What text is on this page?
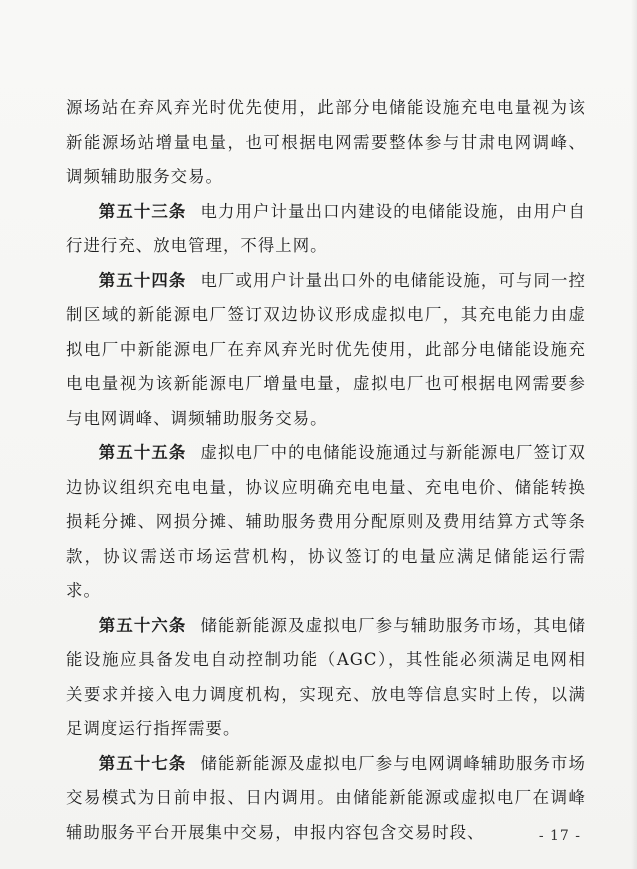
源场站在弃风弃光时优先使用，此部分电储能设施充电电量视为该新能源场站增量电量，也可根据电网需要整体参与甘肃电网调峰、调频辅助服务交易。

第五十三条 电力用户计量出口内建设的电储能设施，由用户自行进行充、放电管理，不得上网。

第五十四条 电厂或用户计量出口外的电储能设施，可与同一控制区域的新能源电厂签订双边协议形成虚拟电厂，其充电能力由虚拟电厂中新能源电厂在弃风弃光时优先使用，此部分电储能设施充电电量视为该新能源电厂增量电量，虚拟电厂也可根据电网需要参与电网调峰、调频辅助服务交易。

第五十五条 虚拟电厂中的电储能设施通过与新能源电厂签订双边协议组织充电电量，协议应明确充电电量、充电电价、储能转换损耗分摊、网损分摊、辅助服务费用分配原则及费用结算方式等条款，协议需送市场运营机构，协议签订的电量应满足储能运行需求。

第五十六条 储能新能源及虚拟电厂参与辅助服务市场，其电储能设施应具备发电自动控制功能（AGC），其性能必须满足电网相关要求并接入电力调度机构，实现充、放电等信息实时上传，以满足调度运行指挥需要。

第五十七条 储能新能源及虚拟电厂参与电网调峰辅助服务市场交易模式为日前申报、日内调用。由储能新能源或虚拟电厂在调峰辅助服务平台开展集中交易，申报内容包含交易时段、	- 17 -
